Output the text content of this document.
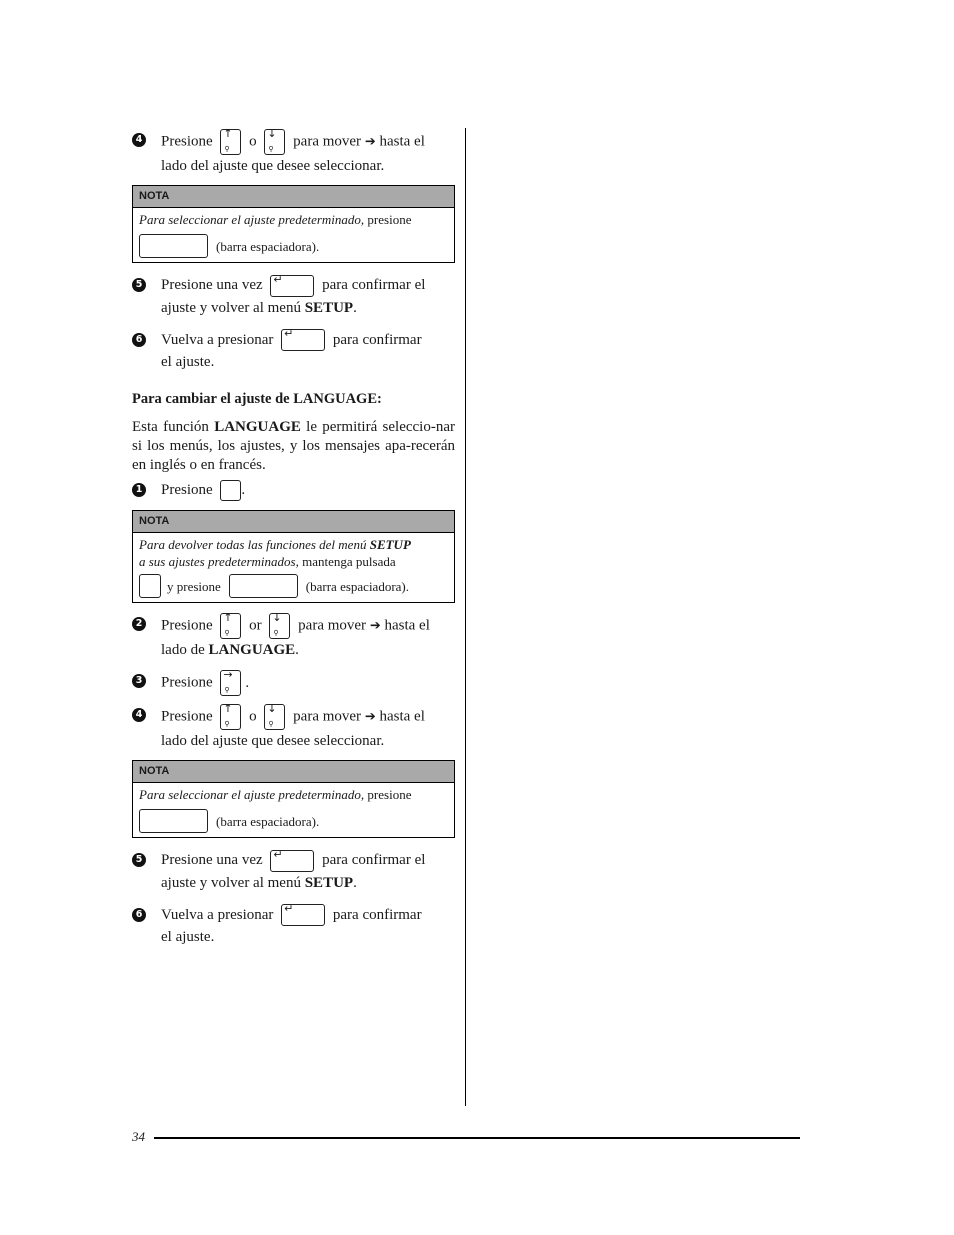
4 Presione ↑
⚲ o ↓
⚲ para mover ➔ hasta el
lado del ajuste que desee seleccionar.
NOTA
Para seleccionar el ajuste predeterminado, presione
(barra espaciadora).
5 Presione una vez ↵	para confirmar el
ajuste y volver al menú SETUP.
6 Vuelva a presionar ↵	para confirmar
el ajuste.
Para cambiar el ajuste de LANGUAGE:
Esta función LANGUAGE le permitirá seleccio-nar si los menús, los ajustes, y los mensajes apa-recerán en inglés o en francés.
1 Presione .
NOTA
Para devolver todas las funciones del menú SETUP
a sus ajustes predeterminados, mantenga pulsada
y presione	(barra espaciadora).
2 Presione ↑
⚲ or ↓
⚲ para mover ➔ hasta el
lado de LANGUAGE.
3 Presione →
⚲ .
4 Presione ↑
⚲ o ↓
⚲ para mover ➔ hasta el
lado del ajuste que desee seleccionar.
NOTA
Para seleccionar el ajuste predeterminado, presione
(barra espaciadora).
5 Presione una vez ↵	para confirmar el
ajuste y volver al menú SETUP.
6 Vuelva a presionar ↵	para confirmar
el ajuste.
34
